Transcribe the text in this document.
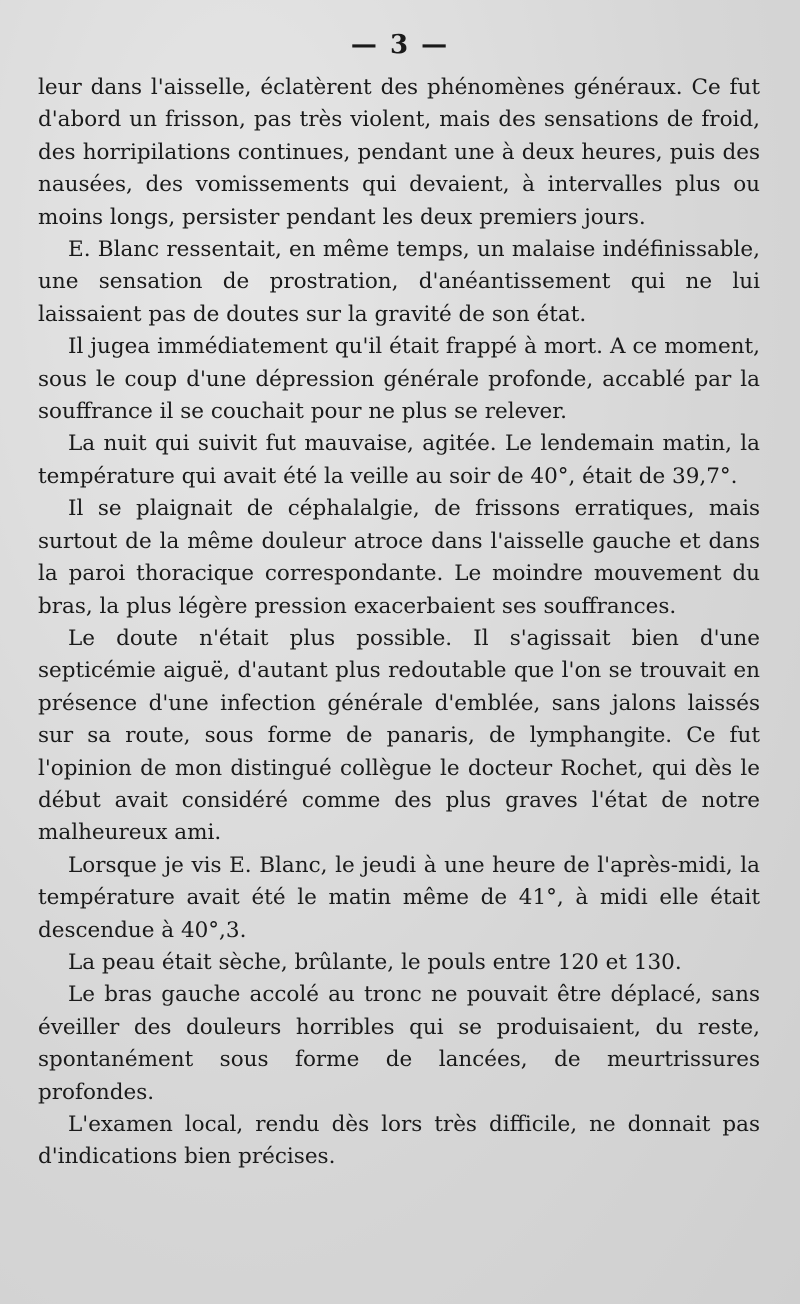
— 3 —

leur dans l'aisselle, éclatèrent des phénomènes généraux. Ce fut d'abord un frisson, pas très violent, mais des sensations de froid, des horripilations continues, pendant une à deux heures, puis des nausées, des vomissements qui devaient, à intervalles plus ou moins longs, persister pendant les deux premiers jours.

E. Blanc ressentait, en même temps, un malaise indéfinissable, une sensation de prostration, d'anéantissement qui ne lui laissaient pas de doutes sur la gravité de son état.

Il jugea immédiatement qu'il était frappé à mort. A ce moment, sous le coup d'une dépression générale profonde, accablé par la souffrance il se couchait pour ne plus se relever.

La nuit qui suivit fut mauvaise, agitée. Le lendemain matin, la température qui avait été la veille au soir de 40°, était de 39,7°.

Il se plaignait de céphalalgie, de frissons erratiques, mais surtout de la même douleur atroce dans l'aisselle gauche et dans la paroi thoracique correspondante. Le moindre mouvement du bras, la plus légère pression exacerbaient ses souffrances.

Le doute n'était plus possible. Il s'agissait bien d'une septicémie aiguë, d'autant plus redoutable que l'on se trouvait en présence d'une infection générale d'emblée, sans jalons laissés sur sa route, sous forme de panaris, de lymphangite. Ce fut l'opinion de mon distingué collègue le docteur Rochet, qui dès le début avait considéré comme des plus graves l'état de notre malheureux ami.

Lorsque je vis E. Blanc, le jeudi à une heure de l'après-midi, la température avait été le matin même de 41°, à midi elle était descendue à 40°,3.

La peau était sèche, brûlante, le pouls entre 120 et 130.

Le bras gauche accolé au tronc ne pouvait être déplacé, sans éveiller des douleurs horribles qui se produisaient, du reste, spontanément sous forme de lancées, de meurtrissures profondes.

L'examen local, rendu dès lors très difficile, ne donnait pas d'indications bien précises.
